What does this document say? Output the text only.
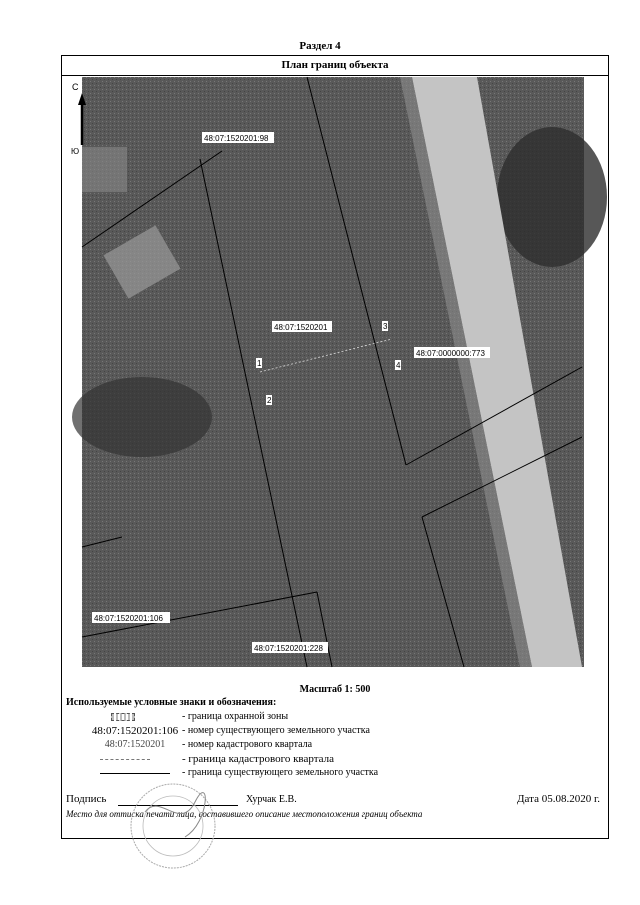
Раздел 4
План границ объекта
С
Ю
48:07:1520201:98
48:07:1520201
48:07:0000000:773
48:07:1520201:106
48:07:1520201:228
1
2
3
4
Масштаб 1: 500
Используемые условные знаки и обозначения:
- граница охранной зоны
48:07:1520201:106 - номер существующего земельного участка
48:07:1520201	- номер кадастрового квартала
- граница кадастрового квартала
- граница существующего земельного участка
Подпись	Хурчак Е.В.	Дата 05.08.2020 г.
Место для оттиска печати лица, составившего описание местоположения границ объекта
